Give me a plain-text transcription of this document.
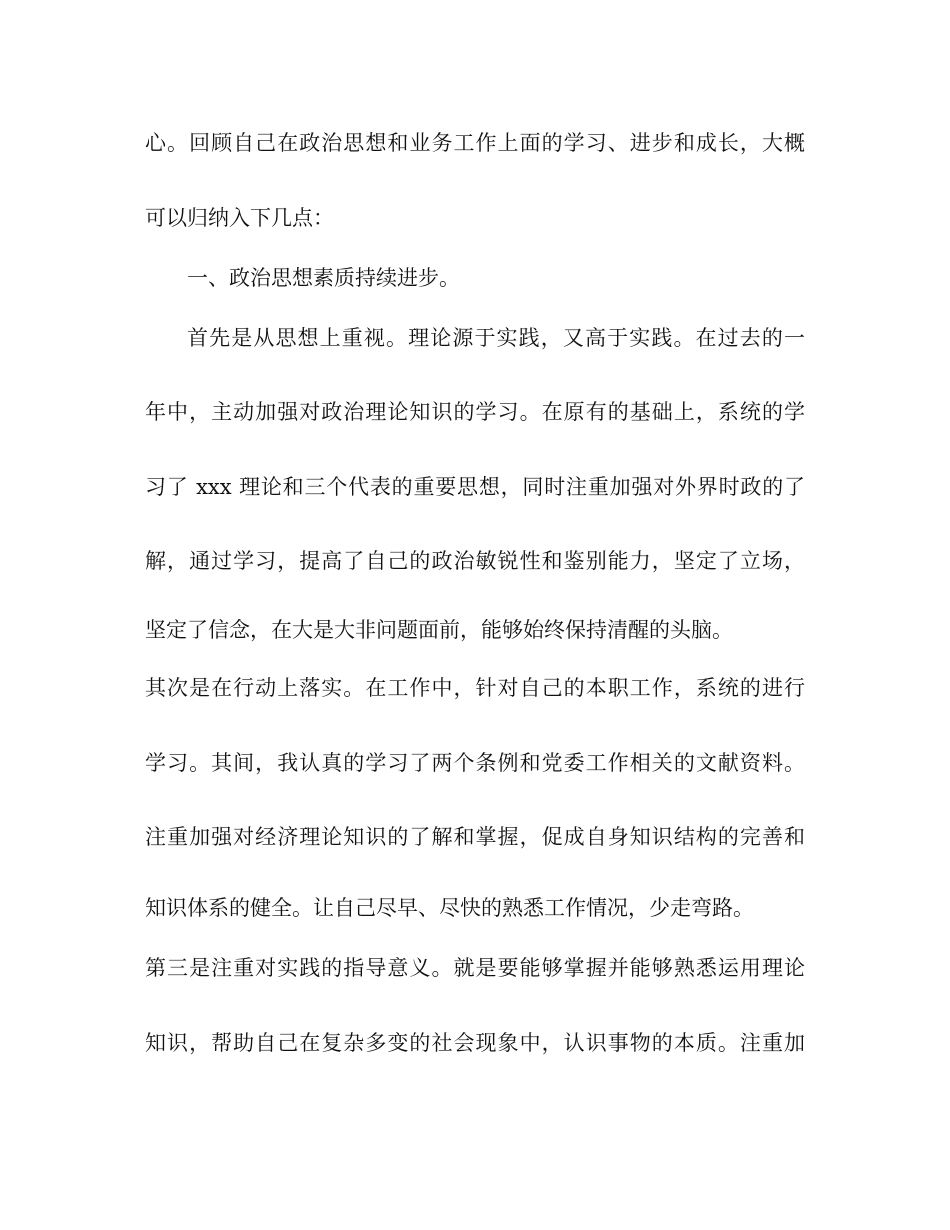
心。回顾自己在政治思想和业务工作上面的学习、进步和成长，大概
可以归纳入下几点：
一、政治思想素质持续进步。
首先是从思想上重视。理论源于实践，又高于实践。在过去的一
年中，主动加强对政治理论知识的学习。在原有的基础上，系统的学
习了 xxx 理论和三个代表的重要思想，同时注重加强对外界时政的了
解，通过学习，提高了自己的政治敏锐性和鉴别能力，坚定了立场，
坚定了信念，在大是大非问题面前，能够始终保持清醒的头脑。
其次是在行动上落实。在工作中，针对自己的本职工作，系统的进行
学习。其间，我认真的学习了两个条例和党委工作相关的文献资料。
注重加强对经济理论知识的了解和掌握，促成自身知识结构的完善和
知识体系的健全。让自己尽早、尽快的熟悉工作情况，少走弯路。
第三是注重对实践的指导意义。就是要能够掌握并能够熟悉运用理论
知识，帮助自己在复杂多变的社会现象中，认识事物的本质。注重加
